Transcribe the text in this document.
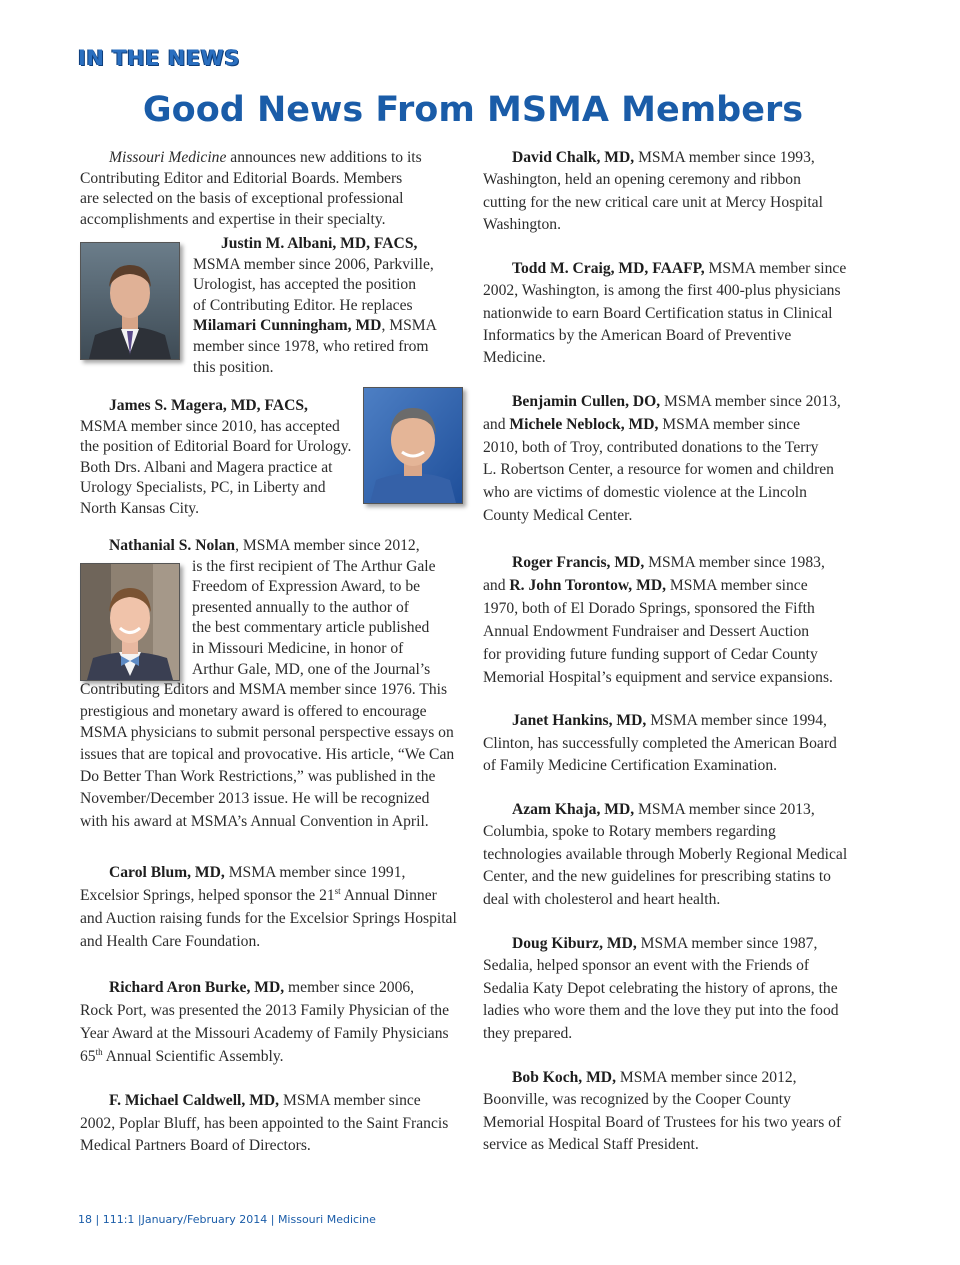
IN THE NEWS
Good News From MSMA Members

Missouri Medicine announces new additions to its

Contributing Editor and Editorial Boards. Members

are selected on the basis of exceptional professional

accomplishments and expertise in their specialty.

Justin M. Albani, MD, FACS,

MSMA member since 2006, Parkville,

Urologist, has accepted the position

of Contributing Editor. He replaces

Milamari Cunningham, MD, MSMA

member since 1978, who retired from

this position.

James S. Magera, MD, FACS,

MSMA member since 2010, has accepted

the position of Editorial Board for Urology.

Both Drs. Albani and Magera practice at

Urology Specialists, PC, in Liberty and

North Kansas City.

Nathanial S. Nolan, MSMA member since 2012,

is the first recipient of The Arthur Gale

Freedom of Expression Award, to be

presented annually to the author of

the best commentary article published

in Missouri Medicine, in honor of

Arthur Gale, MD, one of the Journal’s

Contributing Editors and MSMA member since 1976. This

prestigious and monetary award is offered to encourage

MSMA physicians to submit personal perspective essays on

issues that are topical and provocative. His article, “We Can

Do Better Than Work Restrictions,” was published in the

November/December 2013 issue. He will be recognized

with his award at MSMA’s Annual Convention in April.

Carol Blum, MD, MSMA member since 1991,

Excelsior Springs, helped sponsor the 21st Annual Dinner

and Auction raising funds for the Excelsior Springs Hospital

and Health Care Foundation.

Richard Aron Burke, MD, member since 2006,

Rock Port, was presented the 2013 Family Physician of the

Year Award at the Missouri Academy of Family Physicians

65th Annual Scientific Assembly.

F. Michael Caldwell, MD, MSMA member since

2002, Poplar Bluff, has been appointed to the Saint Francis

Medical Partners Board of Directors.

David Chalk, MD, MSMA member since 1993,

Washington, held an opening ceremony and ribbon

cutting for the new critical care unit at Mercy Hospital

Washington.

Todd M. Craig, MD, FAAFP, MSMA member since

2002, Washington, is among the first 400-plus physicians

nationwide to earn Board Certification status in Clinical

Informatics by the American Board of Preventive

Medicine.

Benjamin Cullen, DO, MSMA member since 2013,

and Michele Neblock, MD, MSMA member since

2010, both of Troy, contributed donations to the Terry

L. Robertson Center, a resource for women and children

who are victims of domestic violence at the Lincoln

County Medical Center.

Roger Francis, MD, MSMA member since 1983,

and R. John Torontow, MD, MSMA member since

1970, both of El Dorado Springs, sponsored the Fifth

Annual Endowment Fundraiser and Dessert Auction

for providing future funding support of Cedar County

Memorial Hospital’s equipment and service expansions.

Janet Hankins, MD, MSMA member since 1994,

Clinton, has successfully completed the American Board

of Family Medicine Certification Examination.

Azam Khaja, MD, MSMA member since 2013,

Columbia, spoke to Rotary members regarding

technologies available through Moberly Regional Medical

Center, and the new guidelines for prescribing statins to

deal with cholesterol and heart health.

Doug Kiburz, MD, MSMA member since 1987,

Sedalia, helped sponsor an event with the Friends of

Sedalia Katy Depot celebrating the history of aprons, the

ladies who wore them and the love they put into the food

they prepared.

Bob Koch, MD, MSMA member since 2012,

Boonville, was recognized by the Cooper County

Memorial Hospital Board of Trustees for his two years of

service as Medical Staff President.

18 | 111:1 |January/February 2014 | Missouri Medicine
